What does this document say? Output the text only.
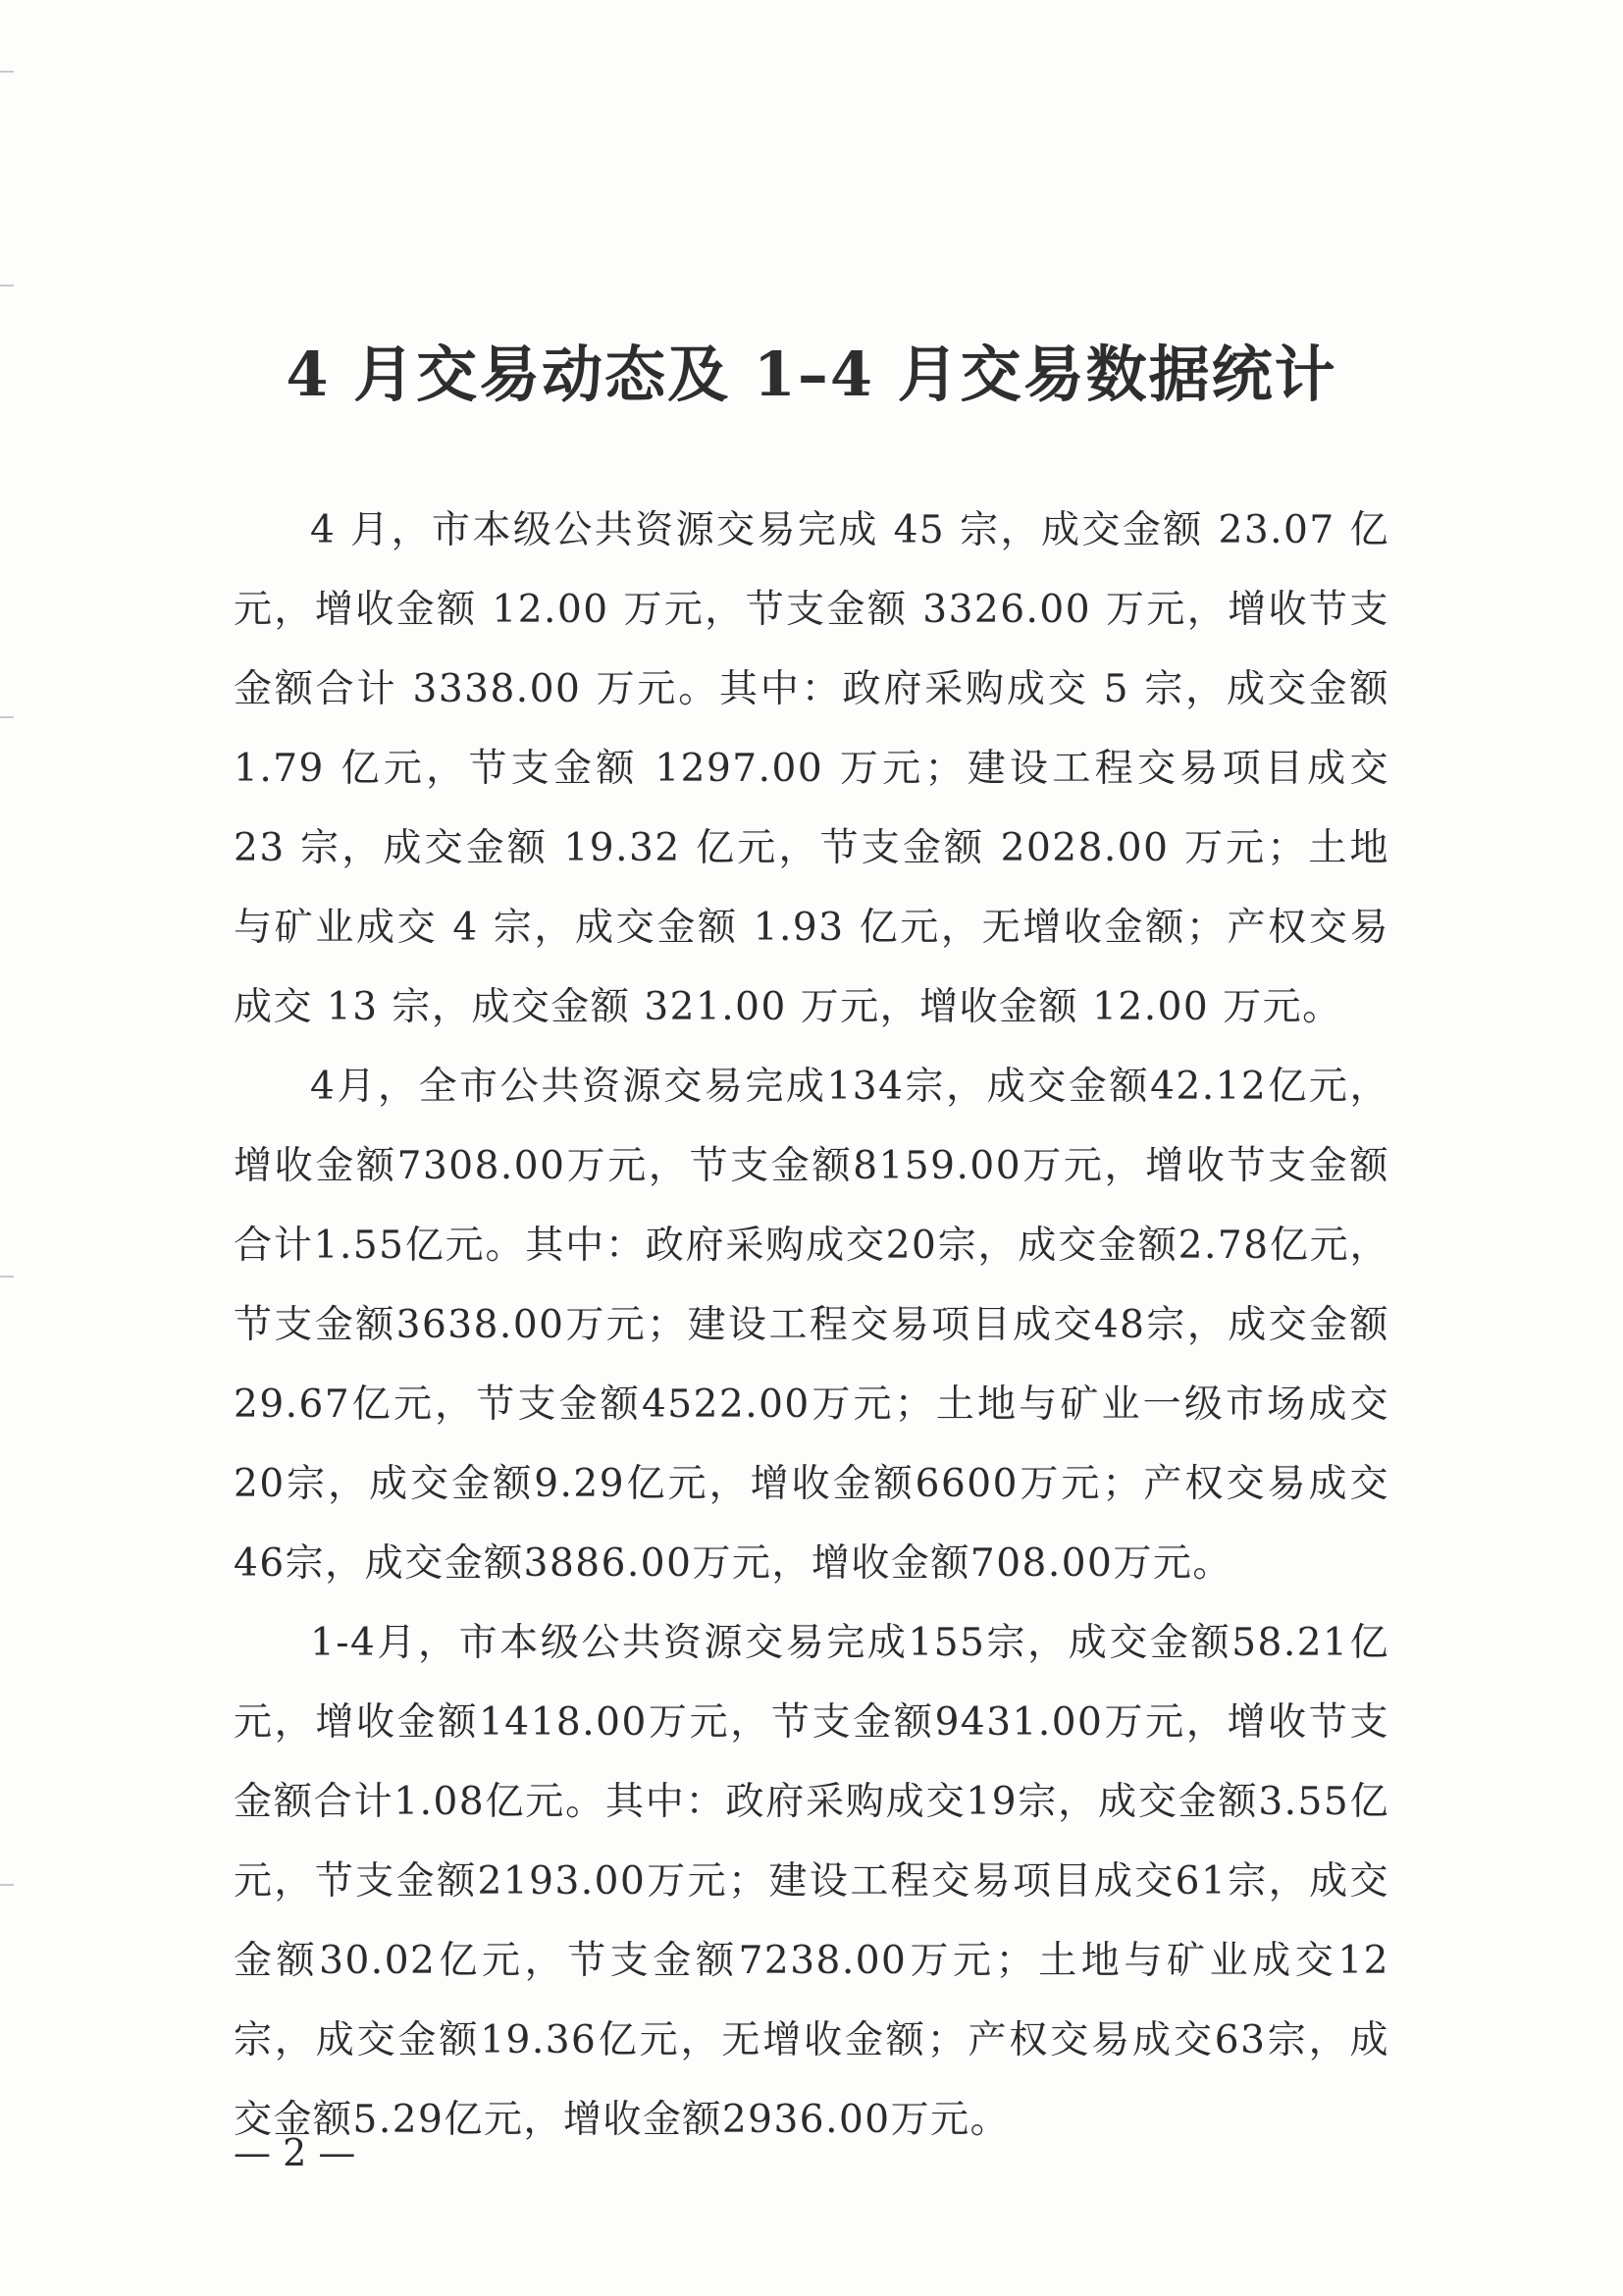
4 月交易动态及 1–4 月交易数据统计

4 月，市本级公共资源交易完成 45 宗，成交金额 23.07 亿元，增收金额 12.00 万元，节支金额 3326.00 万元，增收节支金额合计 3338.00 万元。其中：政府采购成交 5 宗，成交金额 1.79 亿元，节支金额 1297.00 万元；建设工程交易项目成交 23 宗，成交金额 19.32 亿元，节支金额 2028.00 万元；土地与矿业成交 4 宗，成交金额 1.93 亿元，无增收金额；产权交易成交 13 宗，成交金额 321.00 万元，增收金额 12.00 万元。

4月，全市公共资源交易完成134宗，成交金额42.12亿元，增收金额7308.00万元，节支金额8159.00万元，增收节支金额合计1.55亿元。其中：政府采购成交20宗，成交金额2.78亿元，节支金额3638.00万元；建设工程交易项目成交48宗，成交金额29.67亿元，节支金额4522.00万元；土地与矿业一级市场成交20宗，成交金额9.29亿元，增收金额6600万元；产权交易成交46宗，成交金额3886.00万元，增收金额708.00万元。

1-4月，市本级公共资源交易完成155宗，成交金额58.21亿元，增收金额1418.00万元，节支金额9431.00万元，增收节支金额合计1.08亿元。其中：政府采购成交19宗，成交金额3.55亿元，节支金额2193.00万元；建设工程交易项目成交61宗，成交金额30.02亿元，节支金额7238.00万元；土地与矿业成交12宗，成交金额19.36亿元，无增收金额；产权交易成交63宗，成交金额5.29亿元，增收金额2936.00万元。

— 2 —
